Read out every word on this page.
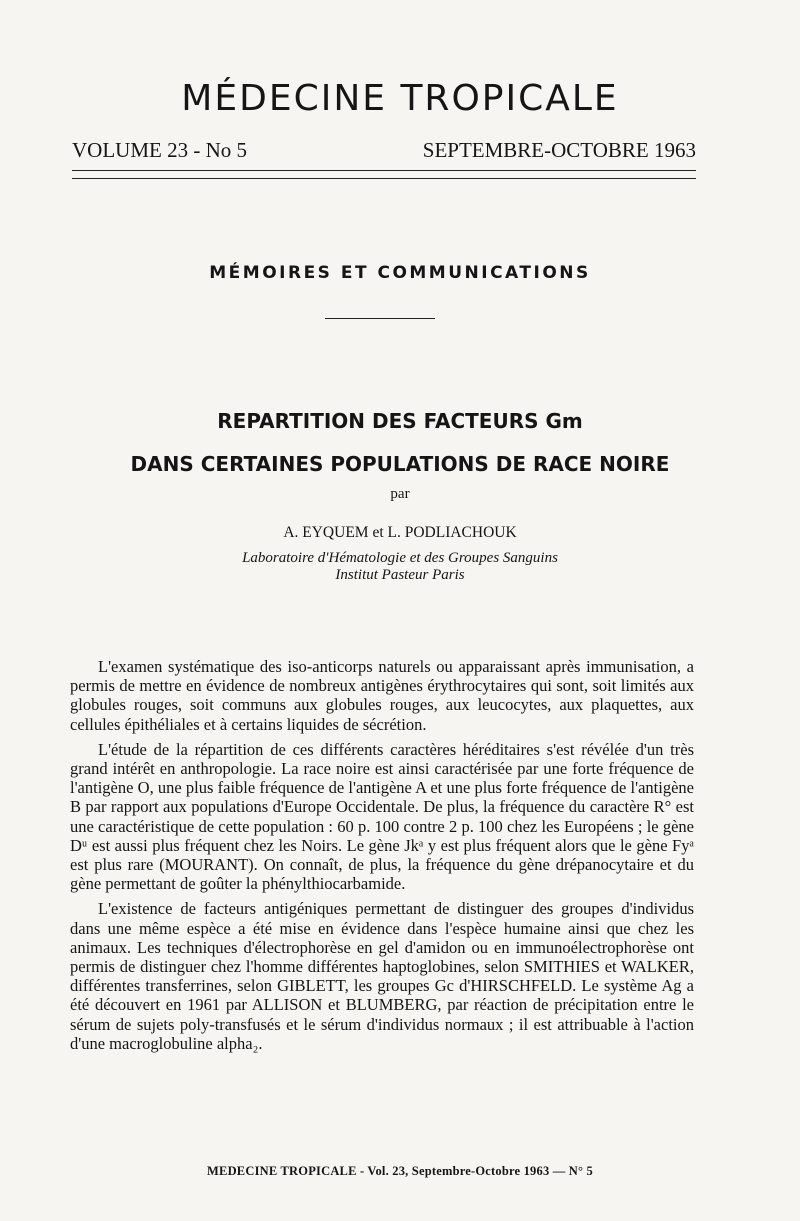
MÉDECINE TROPICALE
VOLUME 23 - No 5	SEPTEMBRE-OCTOBRE 1963
MÉMOIRES ET COMMUNICATIONS
REPARTITION DES FACTEURS Gm
DANS CERTAINES POPULATIONS DE RACE NOIRE
par
A. EYQUEM et L. PODLIACHOUK
Laboratoire d'Hématologie et des Groupes Sanguins
Institut Pasteur Paris

L'examen systématique des iso-anticorps naturels ou apparaissant après immunisation, a permis de mettre en évidence de nombreux antigènes érythrocytaires qui sont, soit limités aux globules rouges, soit communs aux globules rouges, aux leucocytes, aux plaquettes, aux cellules épithéliales et à certains liquides de sécrétion.

L'étude de la répartition de ces différents caractères héréditaires s'est révélée d'un très grand intérêt en anthropologie. La race noire est ainsi caractérisée par une forte fréquence de l'antigène O, une plus faible fréquence de l'antigène A et une plus forte fréquence de l'antigène B par rapport aux populations d'Europe Occidentale. De plus, la fréquence du caractère R° est une caractéristique de cette population : 60 p. 100 contre 2 p. 100 chez les Européens ; le gène Dᵘ est aussi plus fréquent chez les Noirs. Le gène Jkᵃ y est plus fréquent alors que le gène Fyᵃ est plus rare (MOURANT). On connaît, de plus, la fréquence du gène drépanocytaire et du gène permettant de goûter la phénylthiocarbamide.

L'existence de facteurs antigéniques permettant de distinguer des groupes d'individus dans une même espèce a été mise en évidence dans l'espèce humaine ainsi que chez les animaux. Les techniques d'électrophorèse en gel d'amidon ou en immunoélectrophorèse ont permis de distinguer chez l'homme différentes haptoglobines, selon SMITHIES et WALKER, différentes transferrines, selon GIBLETT, les groupes Gc d'HIRSCHFELD. Le système Ag a été découvert en 1961 par ALLISON et BLUMBERG, par réaction de précipitation entre le sérum de sujets poly-transfusés et le sérum d'individus normaux ; il est attribuable à l'action d'une macroglobuline alpha₂.

MEDECINE TROPICALE - Vol. 23, Septembre-Octobre 1963 — N° 5
